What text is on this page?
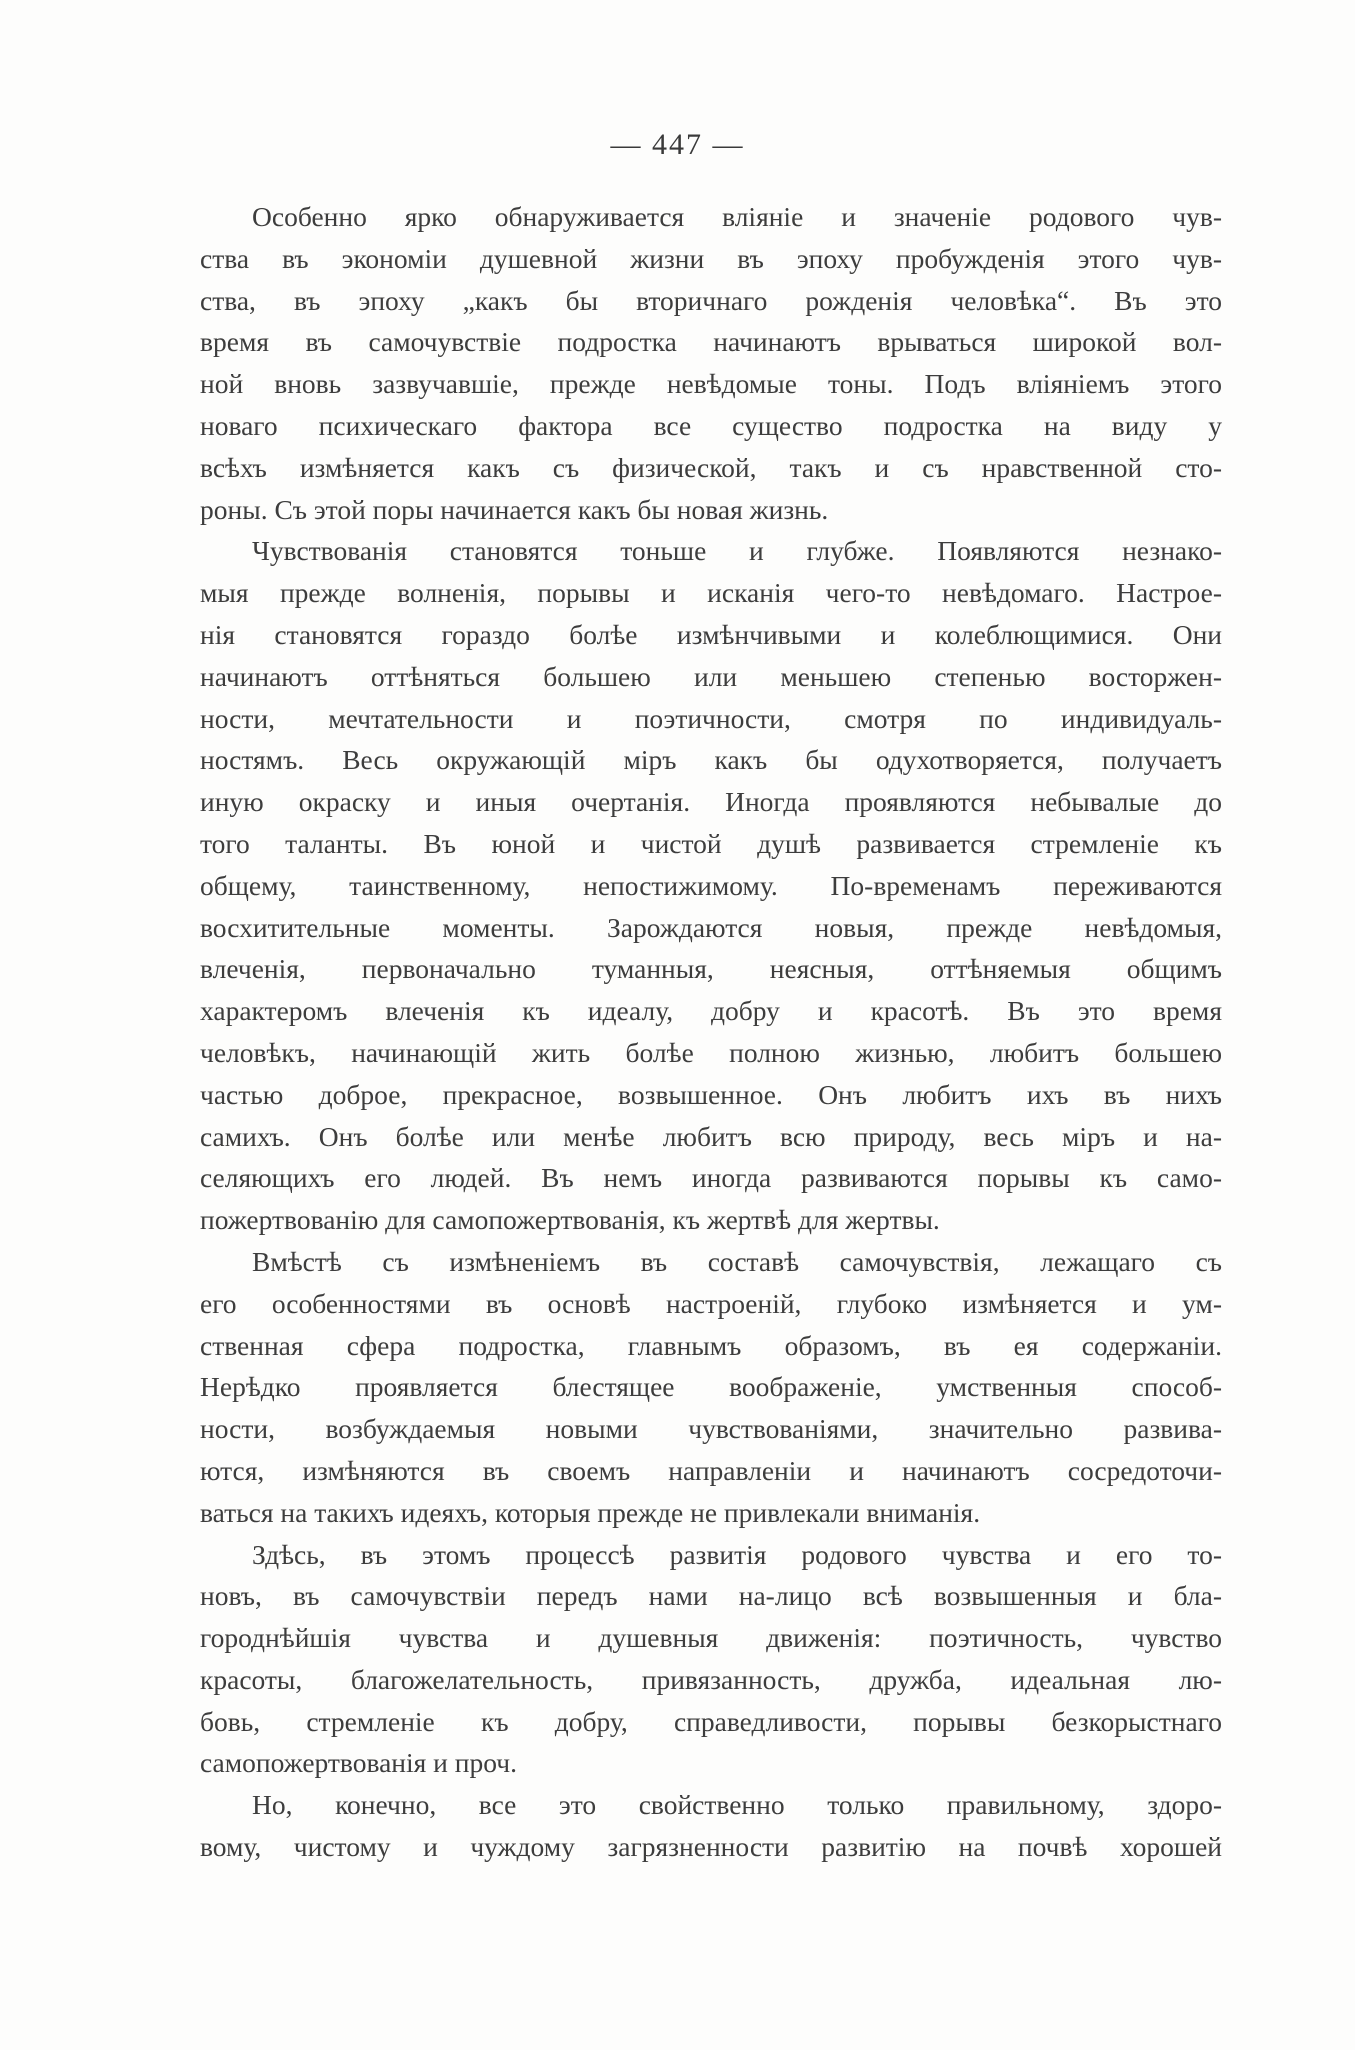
— 447 —
Особенно ярко обнаруживается вліяніе и значеніе родового чув-
ства въ экономіи душевной жизни въ эпоху пробужденія этого чув-
ства, въ эпоху „какъ бы вторичнаго рожденія человѣка“. Въ это
время въ самочувствіе подростка начинаютъ врываться широкой вол-
ной вновь зазвучавшіе, прежде невѣдомые тоны. Подъ вліяніемъ этого
новаго психическаго фактора все существо подростка на виду у
всѣхъ измѣняется какъ съ физической, такъ и съ нравственной сто-
роны. Съ этой поры начинается какъ бы новая жизнь.
Чувствованія становятся тоньше и глубже. Появляются незнако-
мыя прежде волненія, порывы и исканія чего-то невѣдомаго. Настрое-
нія становятся гораздо болѣе измѣнчивыми и колеблющимися. Они
начинаютъ оттѣняться большею или меньшею степенью восторжен-
ности, мечтательности и поэтичности, смотря по индивидуаль-
ностямъ. Весь окружающій міръ какъ бы одухотворяется, получаетъ
иную окраску и иныя очертанія. Иногда проявляются небывалые до
того таланты. Въ юной и чистой душѣ развивается стремленіе къ
общему, таинственному, непостижимому. По-временамъ переживаются
восхитительные моменты. Зарождаются новыя, прежде невѣдомыя,
влеченія, первоначально туманныя, неясныя, оттѣняемыя общимъ
характеромъ влеченія къ идеалу, добру и красотѣ. Въ это время
человѣкъ, начинающій жить болѣе полною жизнью, любитъ большею
частью доброе, прекрасное, возвышенное. Онъ любитъ ихъ въ нихъ
самихъ. Онъ болѣе или менѣе любитъ всю природу, весь міръ и на-
селяющихъ его людей. Въ немъ иногда развиваются порывы къ само-
пожертвованію для самопожертвованія, къ жертвѣ для жертвы.
Вмѣстѣ съ измѣненіемъ въ составѣ самочувствія, лежащаго съ
его особенностями въ основѣ настроеній, глубоко измѣняется и ум-
ственная сфера подростка, главнымъ образомъ, въ ея содержаніи.
Нерѣдко проявляется блестящее воображеніе, умственныя способ-
ности, возбуждаемыя новыми чувствованіями, значительно развива-
ются, измѣняются въ своемъ направленіи и начинаютъ сосредоточи-
ваться на такихъ идеяхъ, которыя прежде не привлекали вниманія.
Здѣсь, въ этомъ процессѣ развитія родового чувства и его то-
новъ, въ самочувствіи передъ нами на-лицо всѣ возвышенныя и бла-
городнѣйшія чувства и душевныя движенія: поэтичность, чувство
красоты, благожелательность, привязанность, дружба, идеальная лю-
бовь, стремленіе къ добру, справедливости, порывы безкорыстнаго
самопожертвованія и проч.
Но, конечно, все это свойственно только правильному, здоро-
вому, чистому и чуждому загрязненности развитію на почвѣ хорошей
